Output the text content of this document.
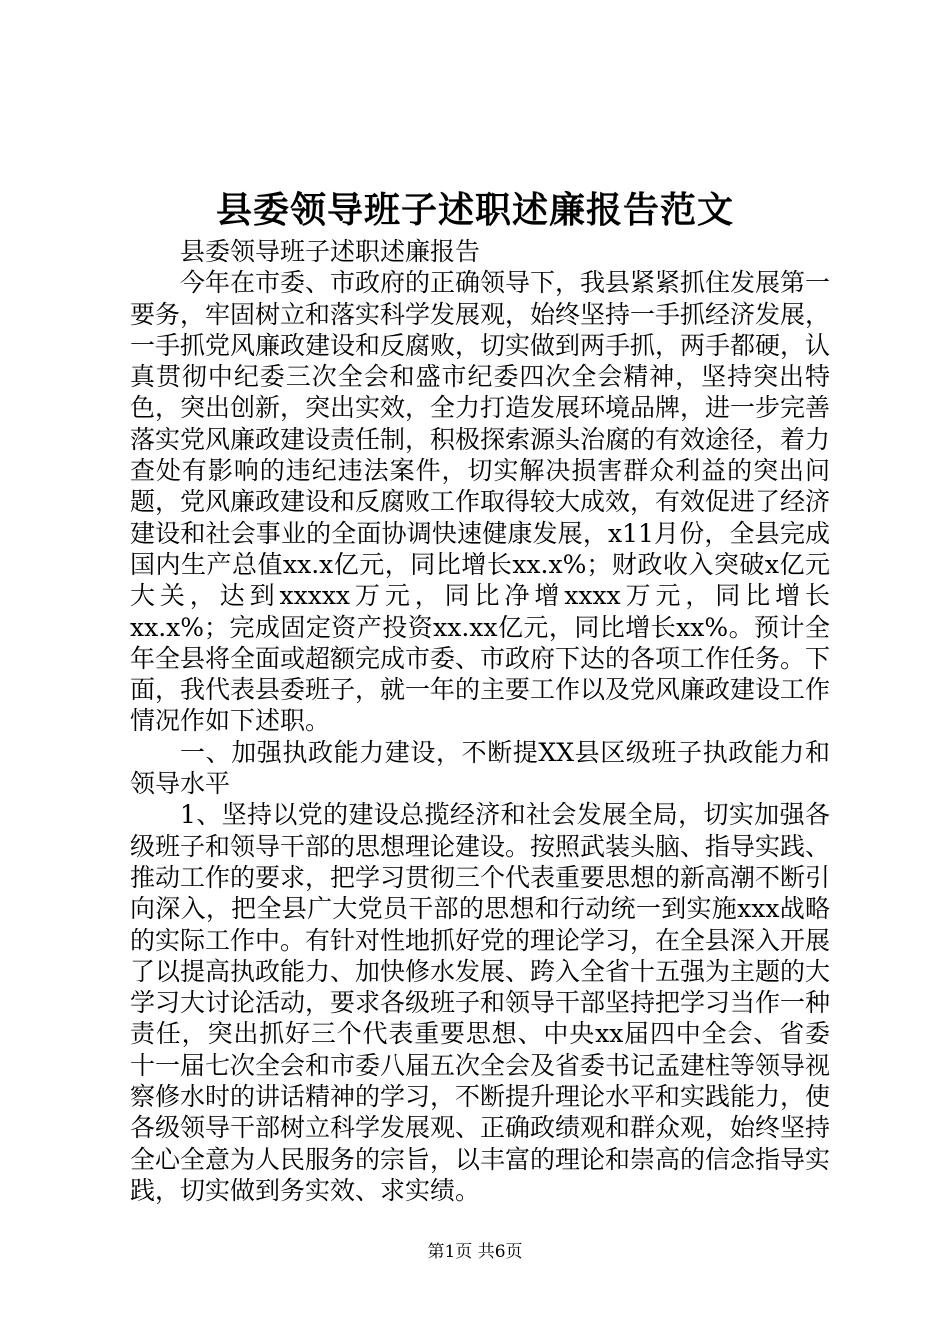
县委领导班子述职述廉报告范文

县委领导班子述职述廉报告

今年在市委、市政府的正确领导下，我县紧紧抓住发展第一要务，牢固树立和落实科学发展观，始终坚持一手抓经济发展，一手抓党风廉政建设和反腐败，切实做到两手抓，两手都硬，认真贯彻中纪委三次全会和盛市纪委四次全会精神，坚持突出特色，突出创新，突出实效，全力打造发展环境品牌，进一步完善落实党风廉政建设责任制，积极探索源头治腐的有效途径，着力查处有影响的违纪违法案件，切实解决损害群众利益的突出问题，党风廉政建设和反腐败工作取得较大成效，有效促进了经济建设和社会事业的全面协调快速健康发展，x11月份，全县完成国内生产总值xx.x亿元，同比增长xx.x%；财政收入突破x亿元大关，达到xxxxx万元，同比净增xxxx万元，同比增长xx.x%；完成固定资产投资xx.xx亿元，同比增长xx%。预计全年全县将全面或超额完成市委、市政府下达的各项工作任务。下面，我代表县委班子，就一年的主要工作以及党风廉政建设工作情况作如下述职。

一、加强执政能力建设，不断提XX县区级班子执政能力和领导水平

1、坚持以党的建设总揽经济和社会发展全局，切实加强各级班子和领导干部的思想理论建设。按照武装头脑、指导实践、推动工作的要求，把学习贯彻三个代表重要思想的新高潮不断引向深入，把全县广大党员干部的思想和行动统一到实施xxx战略的实际工作中。有针对性地抓好党的理论学习，在全县深入开展了以提高执政能力、加快修水发展、跨入全省十五强为主题的大学习大讨论活动，要求各级班子和领导干部坚持把学习当作一种责任，突出抓好三个代表重要思想、中央xx届四中全会、省委十一届七次全会和市委八届五次全会及省委书记孟建柱等领导视察修水时的讲话精神的学习，不断提升理论水平和实践能力，使各级领导干部树立科学发展观、正确政绩观和群众观，始终坚持全心全意为人民服务的宗旨，以丰富的理论和崇高的信念指导实践，切实做到务实效、求实绩。

第1页 共6页
